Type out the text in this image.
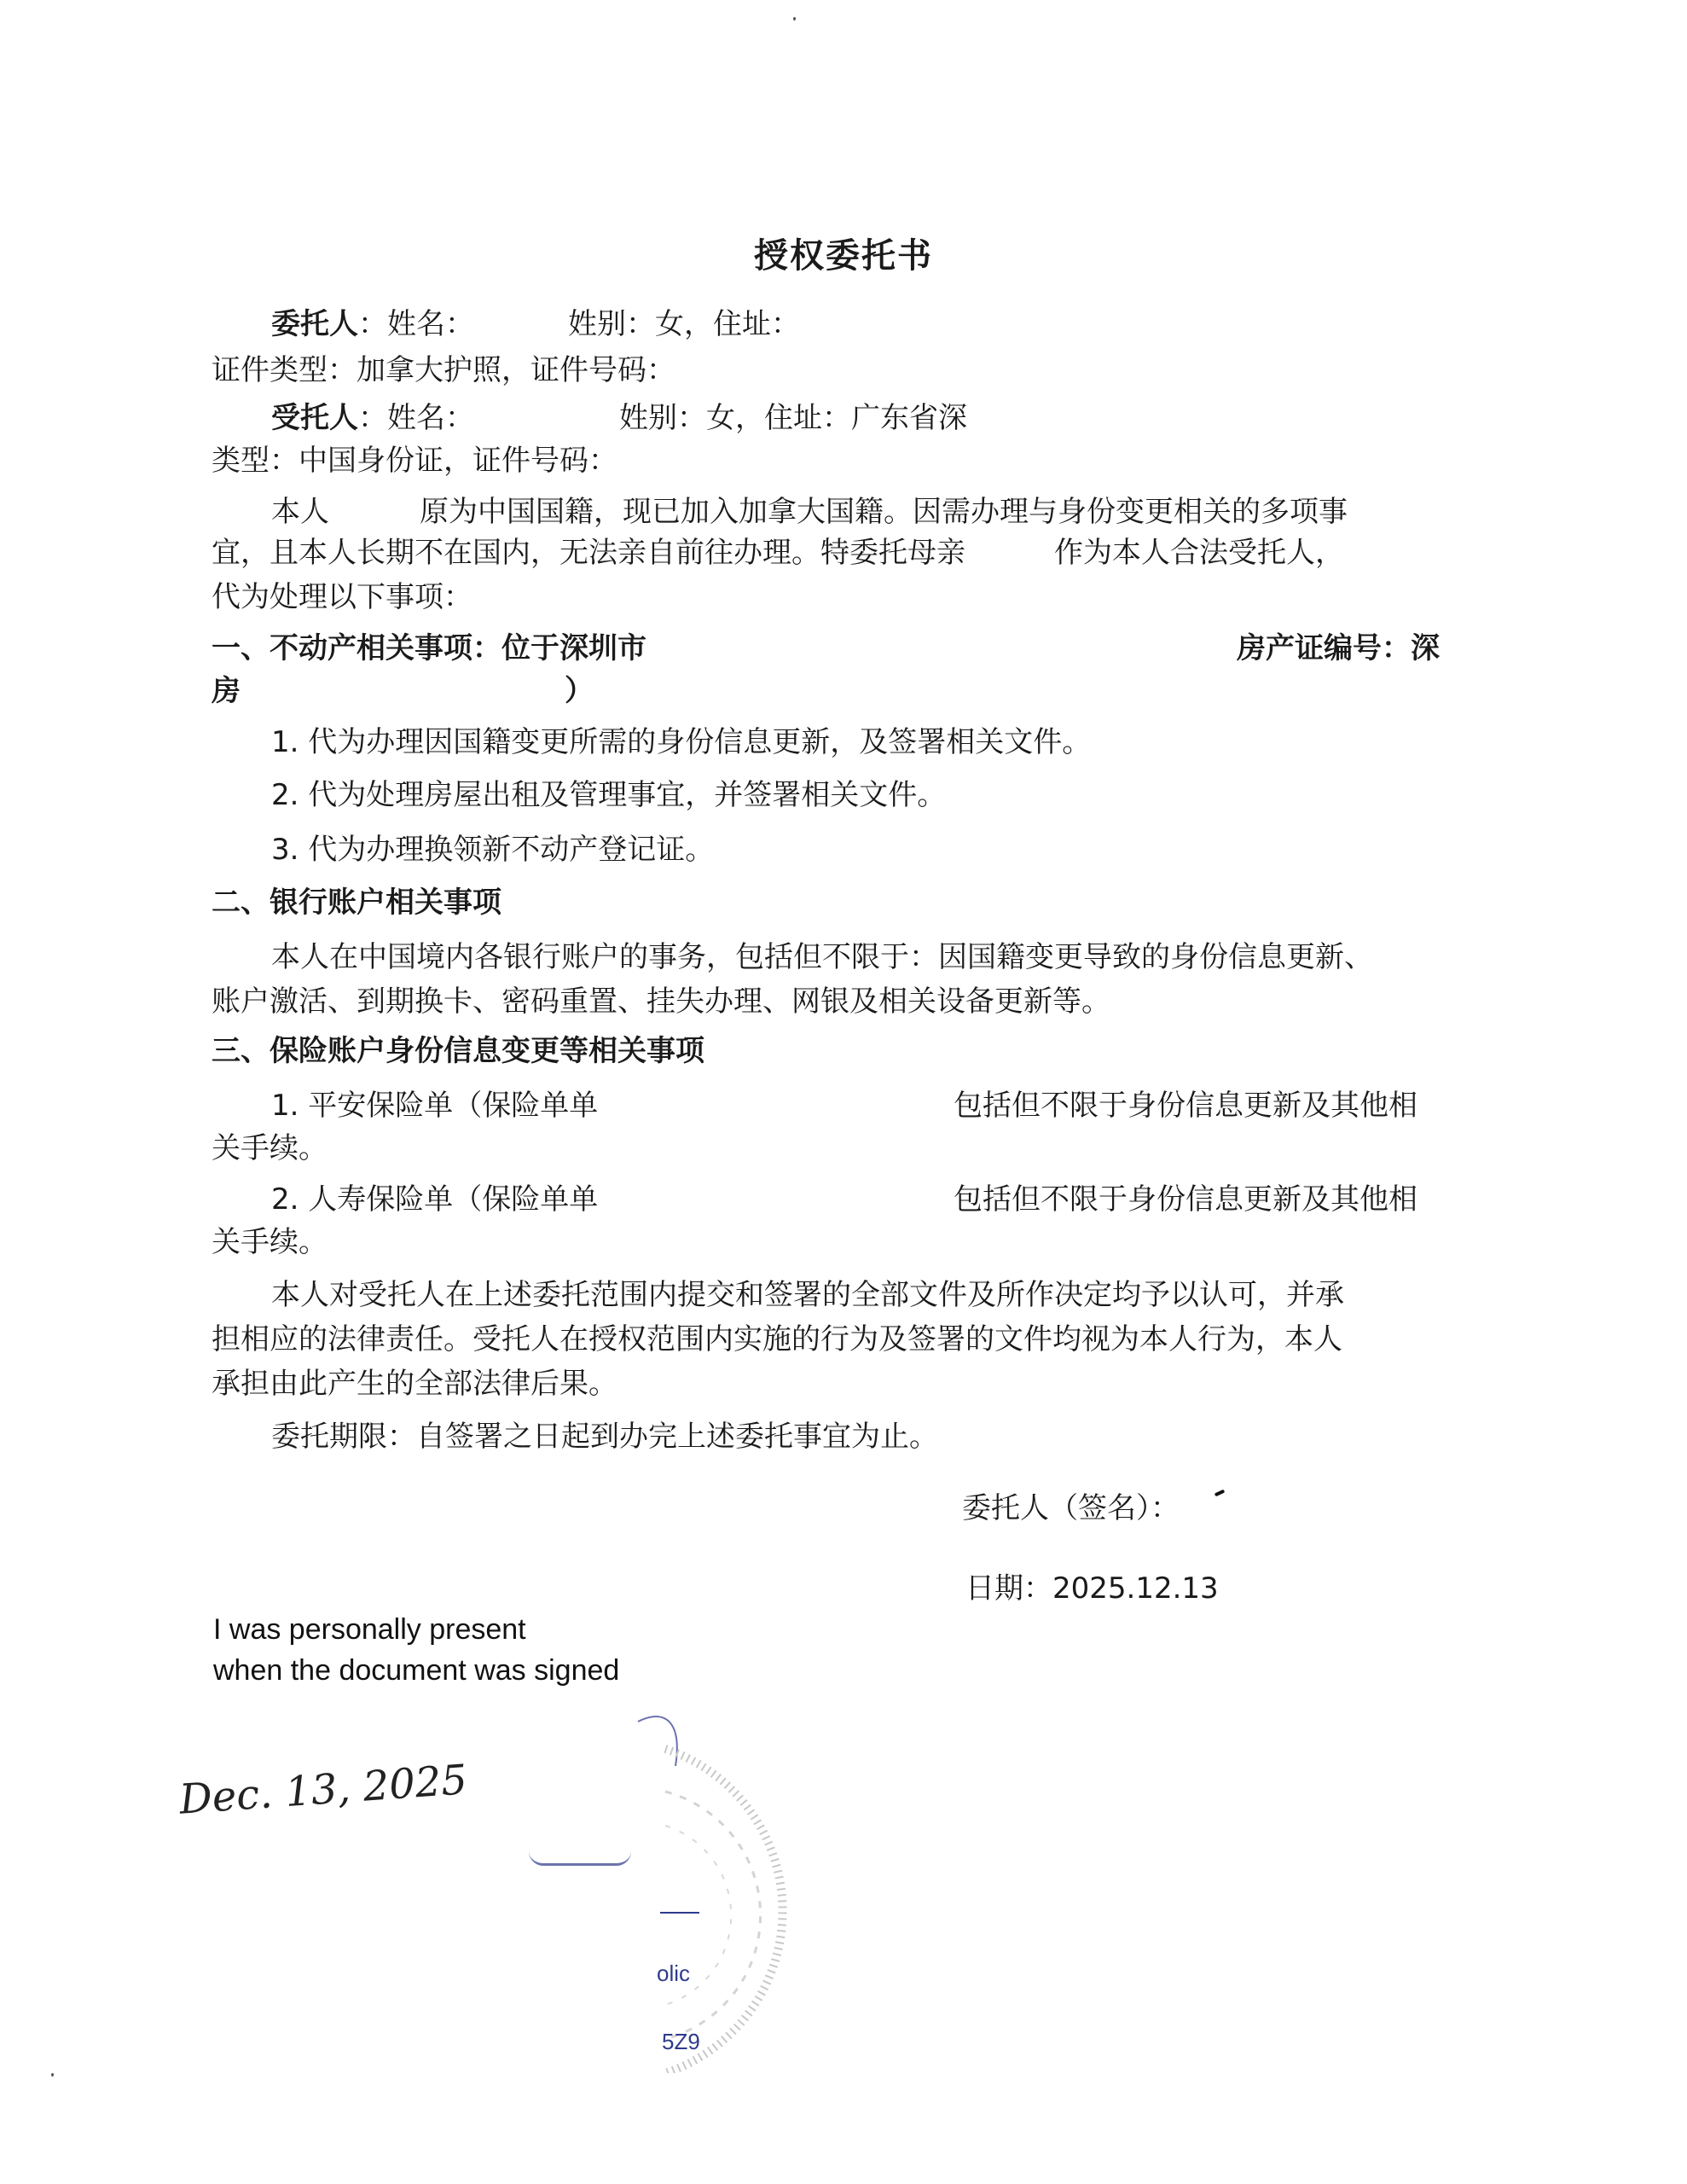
授权委托书
委托人：姓名：	姓别：女，住址：
证件类型：加拿大护照，证件号码：
受托人：姓名：	姓别：女，住址：广东省深
类型：中国身份证，证件号码：
本人	原为中国国籍，现已加入加拿大国籍。因需办理与身份变更相关的多项事
宜，且本人长期不在国内，无法亲自前往办理。特委托母亲	作为本人合法受托人，
代为处理以下事项：
一、不动产相关事项：位于深圳市	房产证编号：深
房	）
1. 代为办理因国籍变更所需的身份信息更新，及签署相关文件。
2. 代为处理房屋出租及管理事宜，并签署相关文件。
3. 代为办理换领新不动产登记证。
二、银行账户相关事项
本人在中国境内各银行账户的事务，包括但不限于：因国籍变更导致的身份信息更新、
账户激活、到期换卡、密码重置、挂失办理、网银及相关设备更新等。
三、保险账户身份信息变更等相关事项
1. 平安保险单（保险单单	包括但不限于身份信息更新及其他相
关手续。
2. 人寿保险单（保险单单	包括但不限于身份信息更新及其他相
关手续。
本人对受托人在上述委托范围内提交和签署的全部文件及所作决定均予以认可，并承
担相应的法律责任。受托人在授权范围内实施的行为及签署的文件均视为本人行为，本人
承担由此产生的全部法律后果。
委托期限：自签署之日起到办完上述委托事宜为止。
委托人（签名）：
日期：2025.12.13
I was personally present
when the document was signed
Dec. 13, 2025
olic
5Z9
